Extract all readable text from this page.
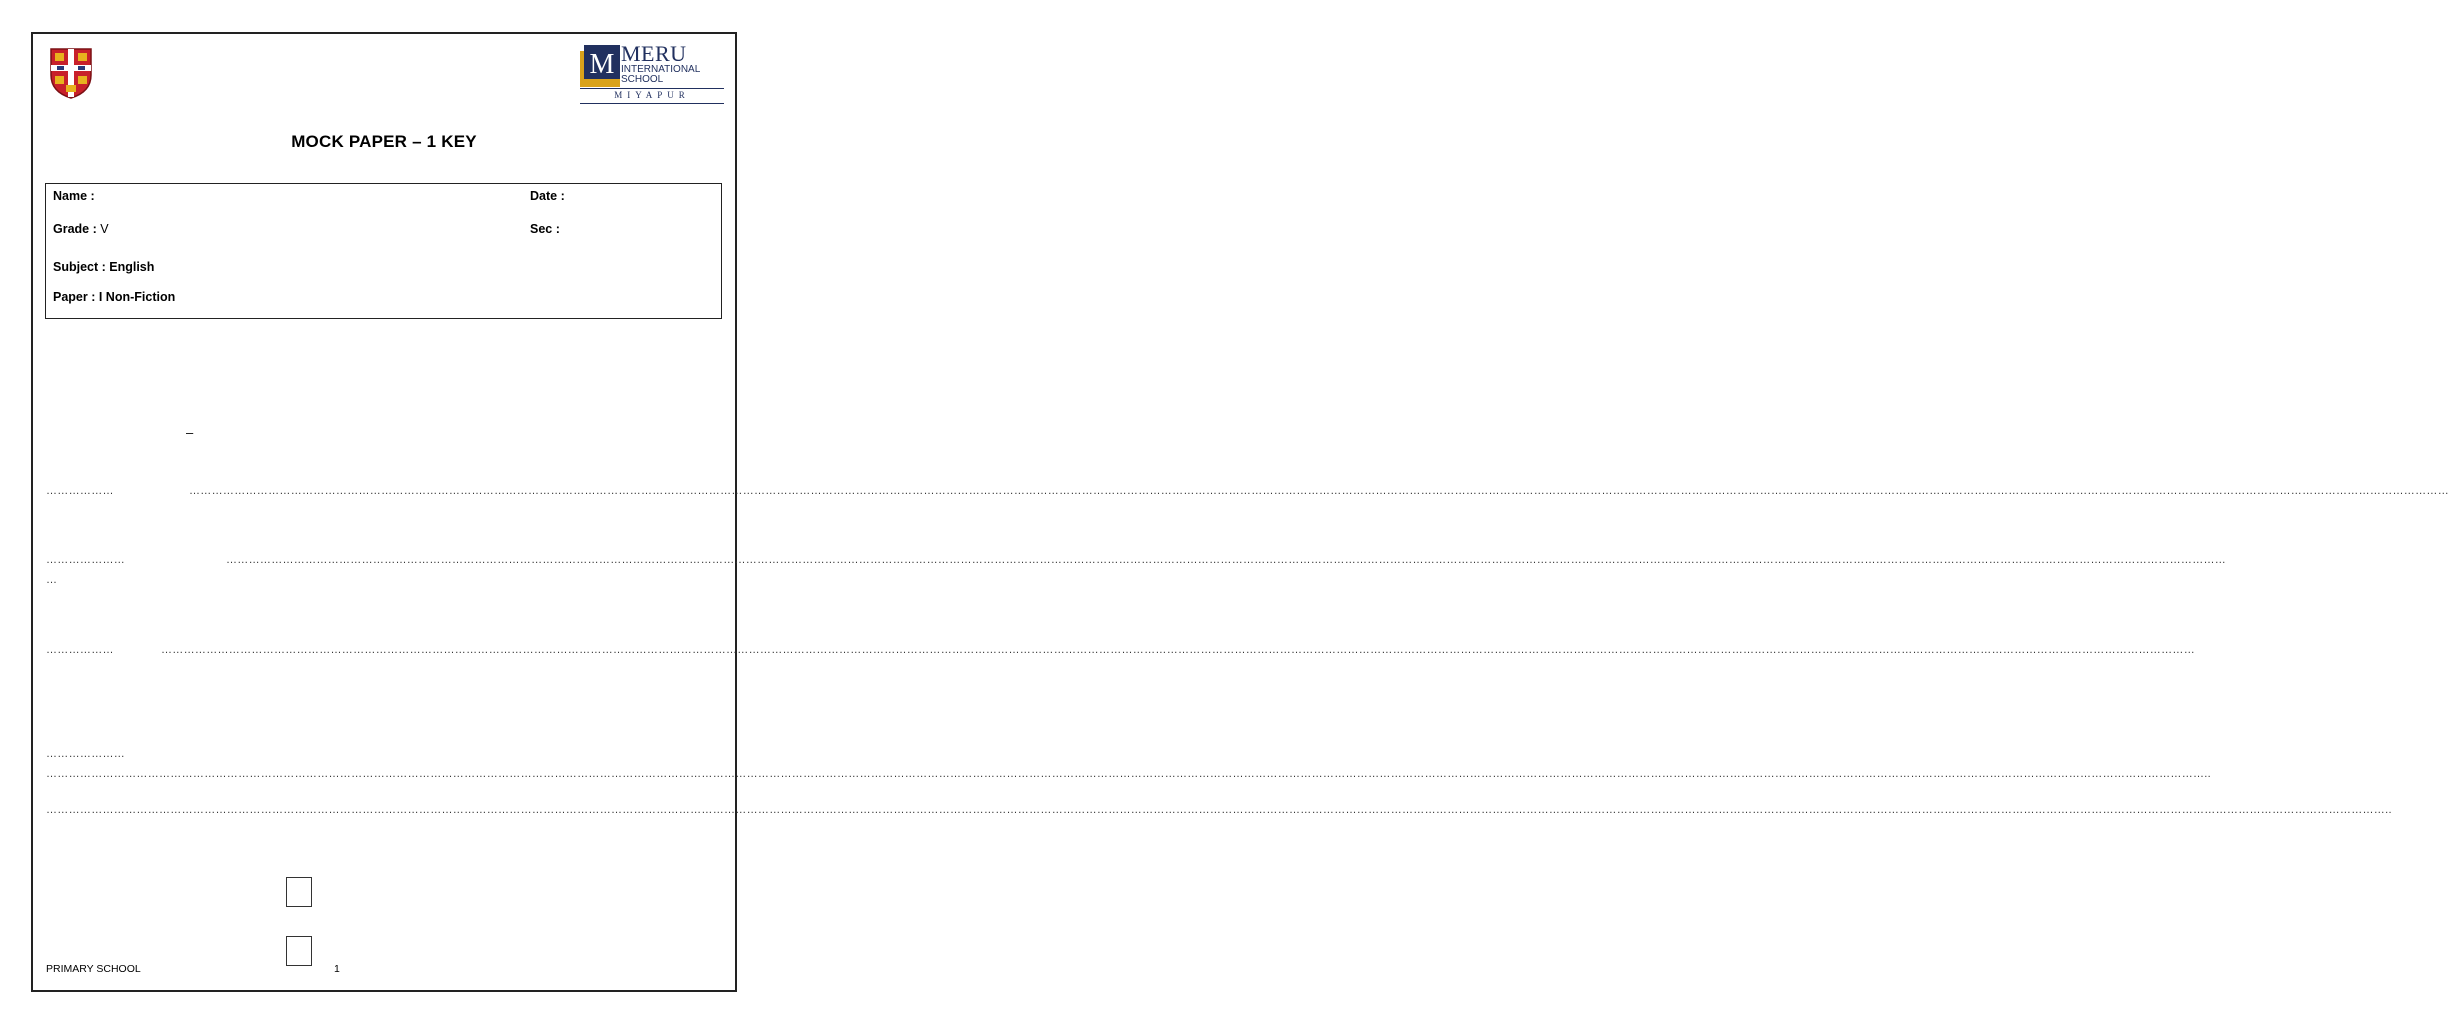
M MERU
INTERNATIONAL
SCHOOL
MIYAPUR
MOCK PAPER – 1 KEY
Name :	Date :
Grade : V	Sec :
Subject : English
Paper : I Non-Fiction
–
………………	……………………………………………………………………………………………………………………………………………………………………………………………………………………………………………………………………………………………………………………………………………………………………………………………………………………………………………………………………………………………………………………………………………………
…………………	………………………………………………………………………………………………………………………………………………………………………………………………………………………………………………………………………………………………………………………………………………………………………………………………………………………………………………………………………………………
…
………………	………………………………………………………………………………………………………………………………………………………………………………………………………………………………………………………………………………………………………………………………………………………………………………………………………………………………………………………………………………………………
…………………
……………………………………………………………………………………………………………………………………………………………………………………………………………………………………………………………………………………………………………………………………………………………………………………………………………………………………………………………………………………………………………………………..
………………………………………………………………………………………………………………………………………………………………………………………………………………………………………………………………………………………………………………………………………………………………………………………………………………………………………………………………………………………………………………………………………………………………………..
PRIMARY SCHOOL	1
